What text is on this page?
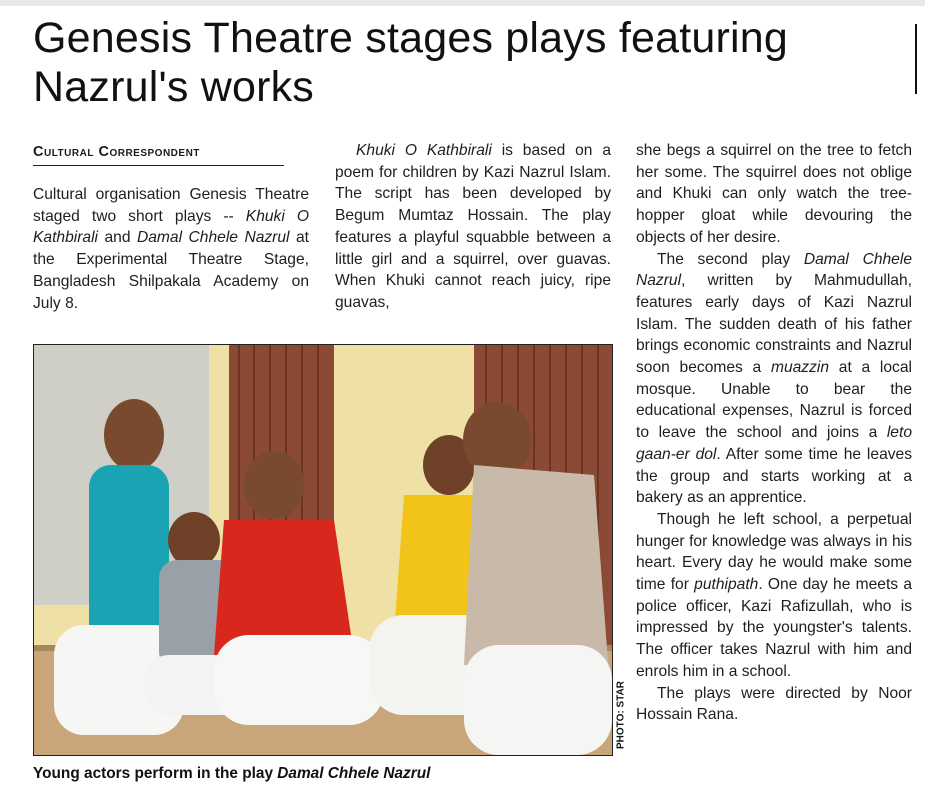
Genesis Theatre stages plays featuring Nazrul's works
Cultural Correspondent

Cultural organisation Genesis Theatre staged two short plays -- Khuki O Kathbirali and Damal Chhele Nazrul at the Experimental Theatre Stage, Bangladesh Shilpakala Academy on July 8.

Khuki O Kathbirali is based on a poem for children by Kazi Nazrul Islam. The script has been developed by Begum Mumtaz Hossain. The play features a playful squabble between a little girl and a squirrel, over guavas. When Khuki cannot reach juicy, ripe guavas,

she begs a squirrel on the tree to fetch her some. The squirrel does not oblige and Khuki can only watch the tree-hopper gloat while devouring the objects of her desire.

The second play Damal Chhele Nazrul, written by Mahmudullah, features early days of Kazi Nazrul Islam. The sudden death of his father brings economic constraints and Nazrul soon becomes a muazzin at a local mosque. Unable to bear the educational expenses, Nazrul is forced to leave the school and joins a leto gaan-er dol. After some time he leaves the group and starts working at a bakery as an apprentice.

Though he left school, a perpetual hunger for knowledge was always in his heart. Every day he would make some time for puthipath. One day he meets a police officer, Kazi Rafizullah, who is impressed by the youngster's talents. The officer takes Nazrul with him and enrols him in a school.

The plays were directed by Noor Hossain Rana.

PHOTO: STAR
Young actors perform in the play Damal Chhele Nazrul
